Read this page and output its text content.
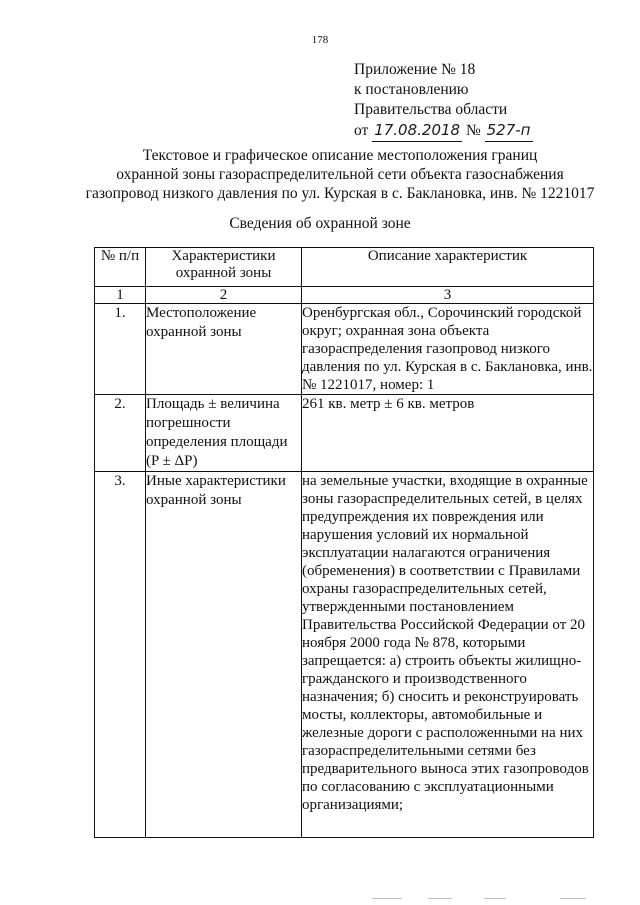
178
Приложение № 18
к постановлению
Правительства области
от 17.08.2018 № 527-п
Текстовое и графическое описание местоположения границ
охранной зоны газораспределительной сети объекта газоснабжения
газопровод низкого давления по ул. Курская в с. Баклановка, инв. № 1221017
Сведения об охранной зоне
№ п/п	Характеристики охранной зоны	Описание характеристик
1	2	3
1.	Местоположение охранной зоны	Оренбургская обл., Сорочинский городской округ; охранная зона объекта газораспределения газопровод низкого давления по ул. Курская в с. Баклановка, инв. № 1221017, номер: 1
2.	Площадь ± величина погрешности определения площади (P ± ΔP)	261 кв. метр ± 6 кв. метров
3.	Иные характеристики охранной зоны	на земельные участки, входящие в охранные зоны газораспределительных сетей, в целях предупреждения их повреждения или нарушения условий их нормальной эксплуатации налагаются ограничения (обременения) в соответствии с Правилами охраны газораспределительных сетей, утвержденными постановлением Правительства Российской Федерации от 20 ноября 2000 года № 878, которыми запрещается: а) строить объекты жилищно-гражданского и производственного назначения; б) сносить и реконструировать мосты, коллекторы, автомобильные и железные дороги с расположенными на них газораспределительными сетями без предварительного выноса этих газопроводов по согласованию с эксплуатационными организациями;
